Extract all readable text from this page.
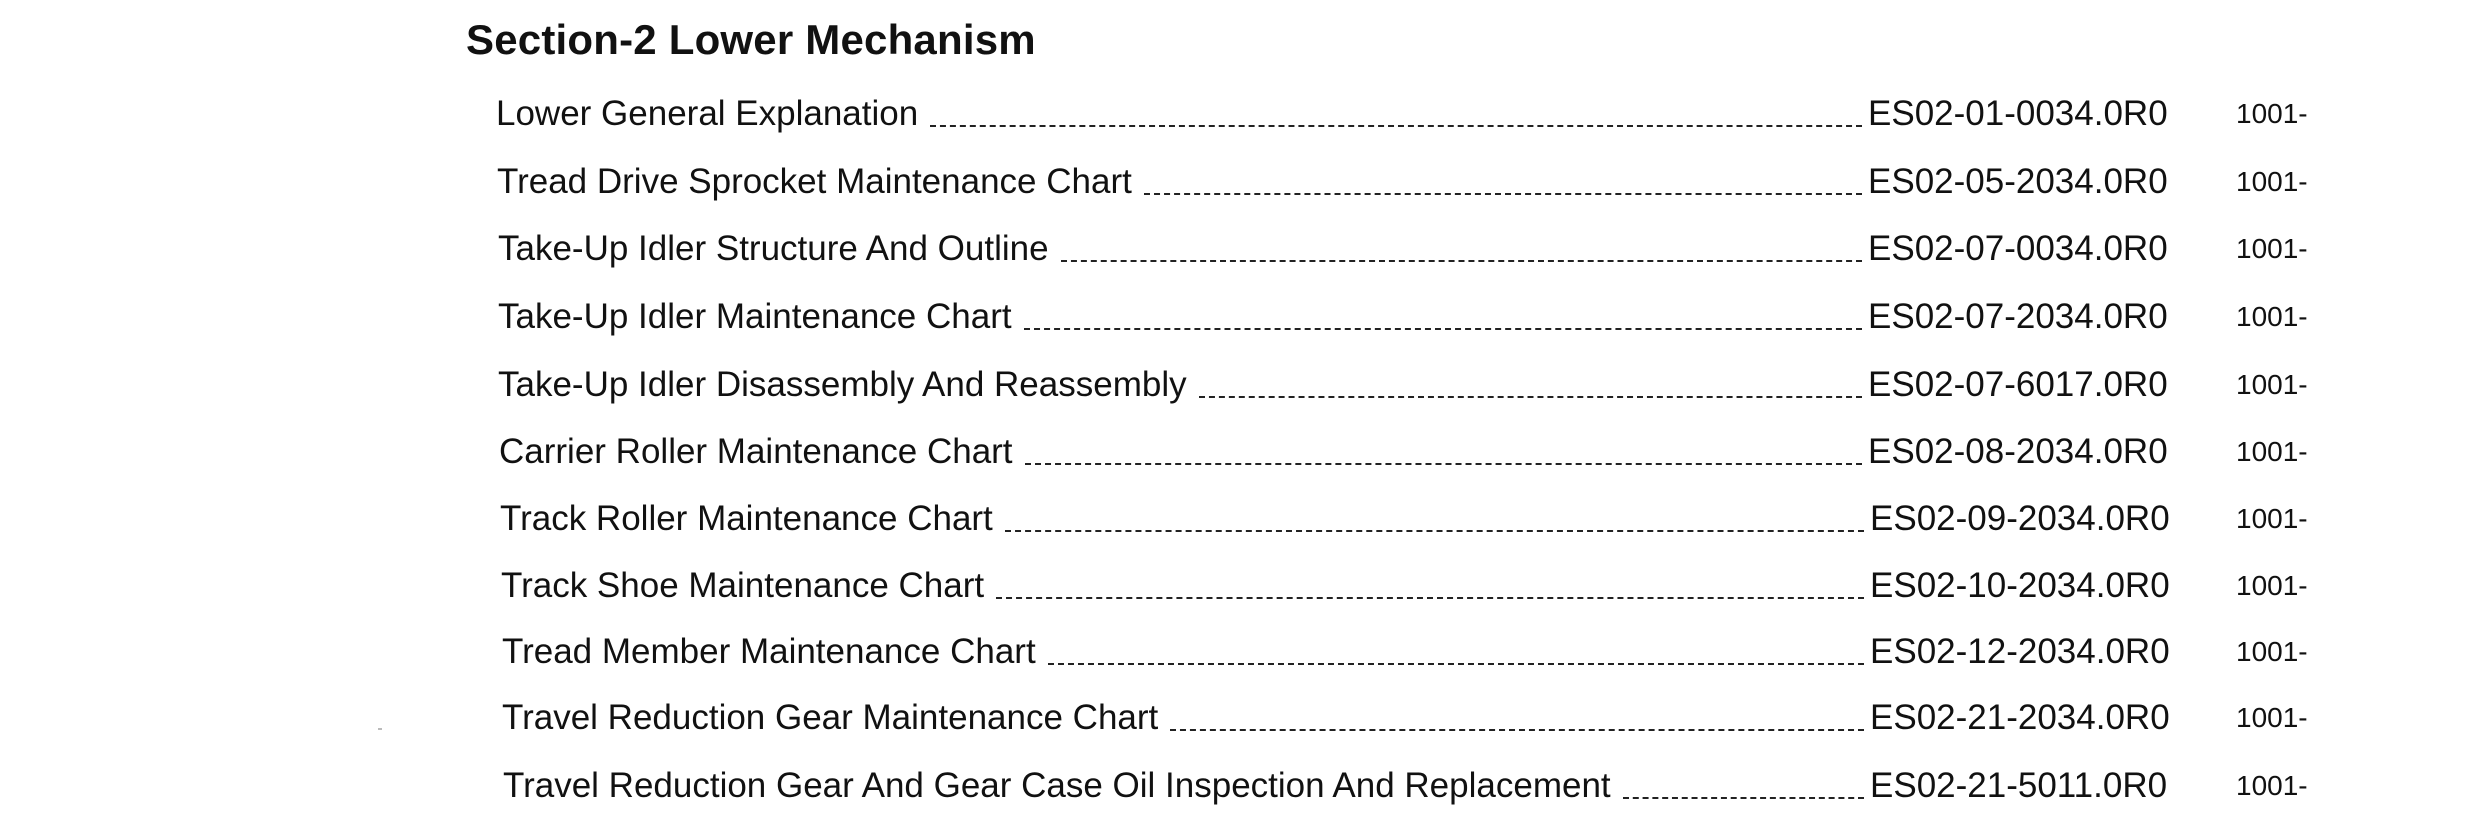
Section-2 Lower Mechanism
Lower General Explanation	ES02-01-0034.0R0 1001-
Tread Drive Sprocket Maintenance Chart	ES02-05-2034.0R0 1001-
Take-Up Idler Structure And Outline	ES02-07-0034.0R0 1001-
Take-Up Idler Maintenance Chart	ES02-07-2034.0R0 1001-
Take-Up Idler Disassembly And Reassembly	ES02-07-6017.0R0 1001-
Carrier Roller Maintenance Chart	ES02-08-2034.0R0 1001-
Track Roller Maintenance Chart	ES02-09-2034.0R0 1001-
Track Shoe Maintenance Chart	ES02-10-2034.0R0 1001-
Tread Member Maintenance Chart	ES02-12-2034.0R0 1001-
Travel Reduction Gear Maintenance Chart	ES02-21-2034.0R0 1001-
Travel Reduction Gear And Gear Case Oil Inspection And Replacement	ES02-21-5011.0R0 1001-
